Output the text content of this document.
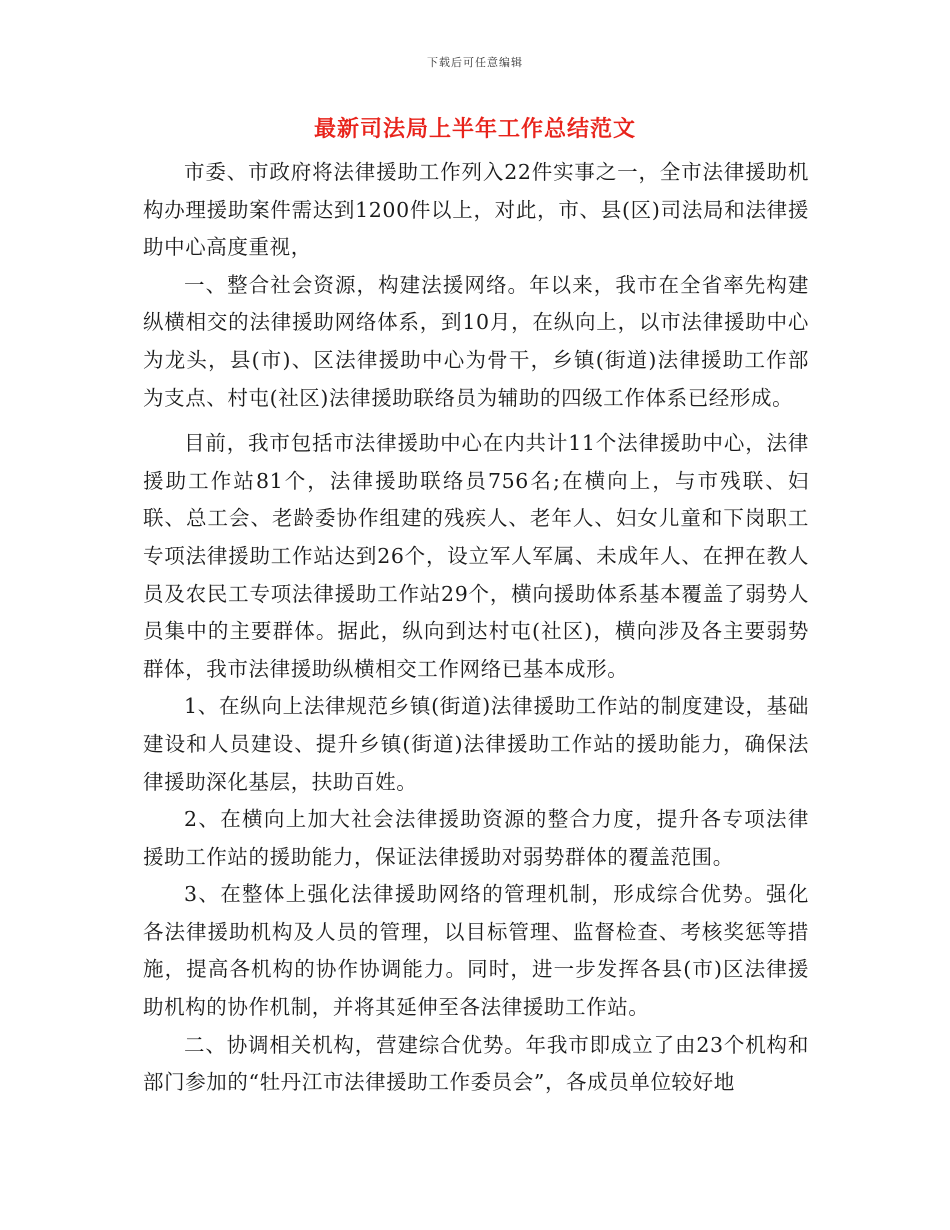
下载后可任意编辑
最新司法局上半年工作总结范文

市委、市政府将法律援助工作列入22件实事之一，全市法律援助机构办理援助案件需达到1200件以上，对此，市、县(区)司法局和法律援助中心高度重视，

一、整合社会资源，构建法援网络。年以来，我市在全省率先构建纵横相交的法律援助网络体系，到10月，在纵向上，以市法律援助中心为龙头，县(市)、区法律援助中心为骨干，乡镇(街道)法律援助工作部为支点、村屯(社区)法律援助联络员为辅助的四级工作体系已经形成。

目前，我市包括市法律援助中心在内共计11个法律援助中心，法律援助工作站81个，法律援助联络员756名;在横向上，与市残联、妇联、总工会、老龄委协作组建的残疾人、老年人、妇女儿童和下岗职工专项法律援助工作站达到26个，设立军人军属、未成年人、在押在教人员及农民工专项法律援助工作站29个，横向援助体系基本覆盖了弱势人员集中的主要群体。据此，纵向到达村屯(社区)，横向涉及各主要弱势群体，我市法律援助纵横相交工作网络已基本成形。

1、在纵向上法律规范乡镇(街道)法律援助工作站的制度建设，基础建设和人员建设、提升乡镇(街道)法律援助工作站的援助能力，确保法律援助深化基层，扶助百姓。

2、在横向上加大社会法律援助资源的整合力度，提升各专项法律援助工作站的援助能力，保证法律援助对弱势群体的覆盖范围。

3、在整体上强化法律援助网络的管理机制，形成综合优势。强化各法律援助机构及人员的管理，以目标管理、监督检查、考核奖惩等措施，提高各机构的协作协调能力。同时，进一步发挥各县(市)区法律援助机构的协作机制，并将其延伸至各法律援助工作站。

二、协调相关机构，营建综合优势。年我市即成立了由23个机构和部门参加的“牡丹江市法律援助工作委员会”，各成员单位较好地
